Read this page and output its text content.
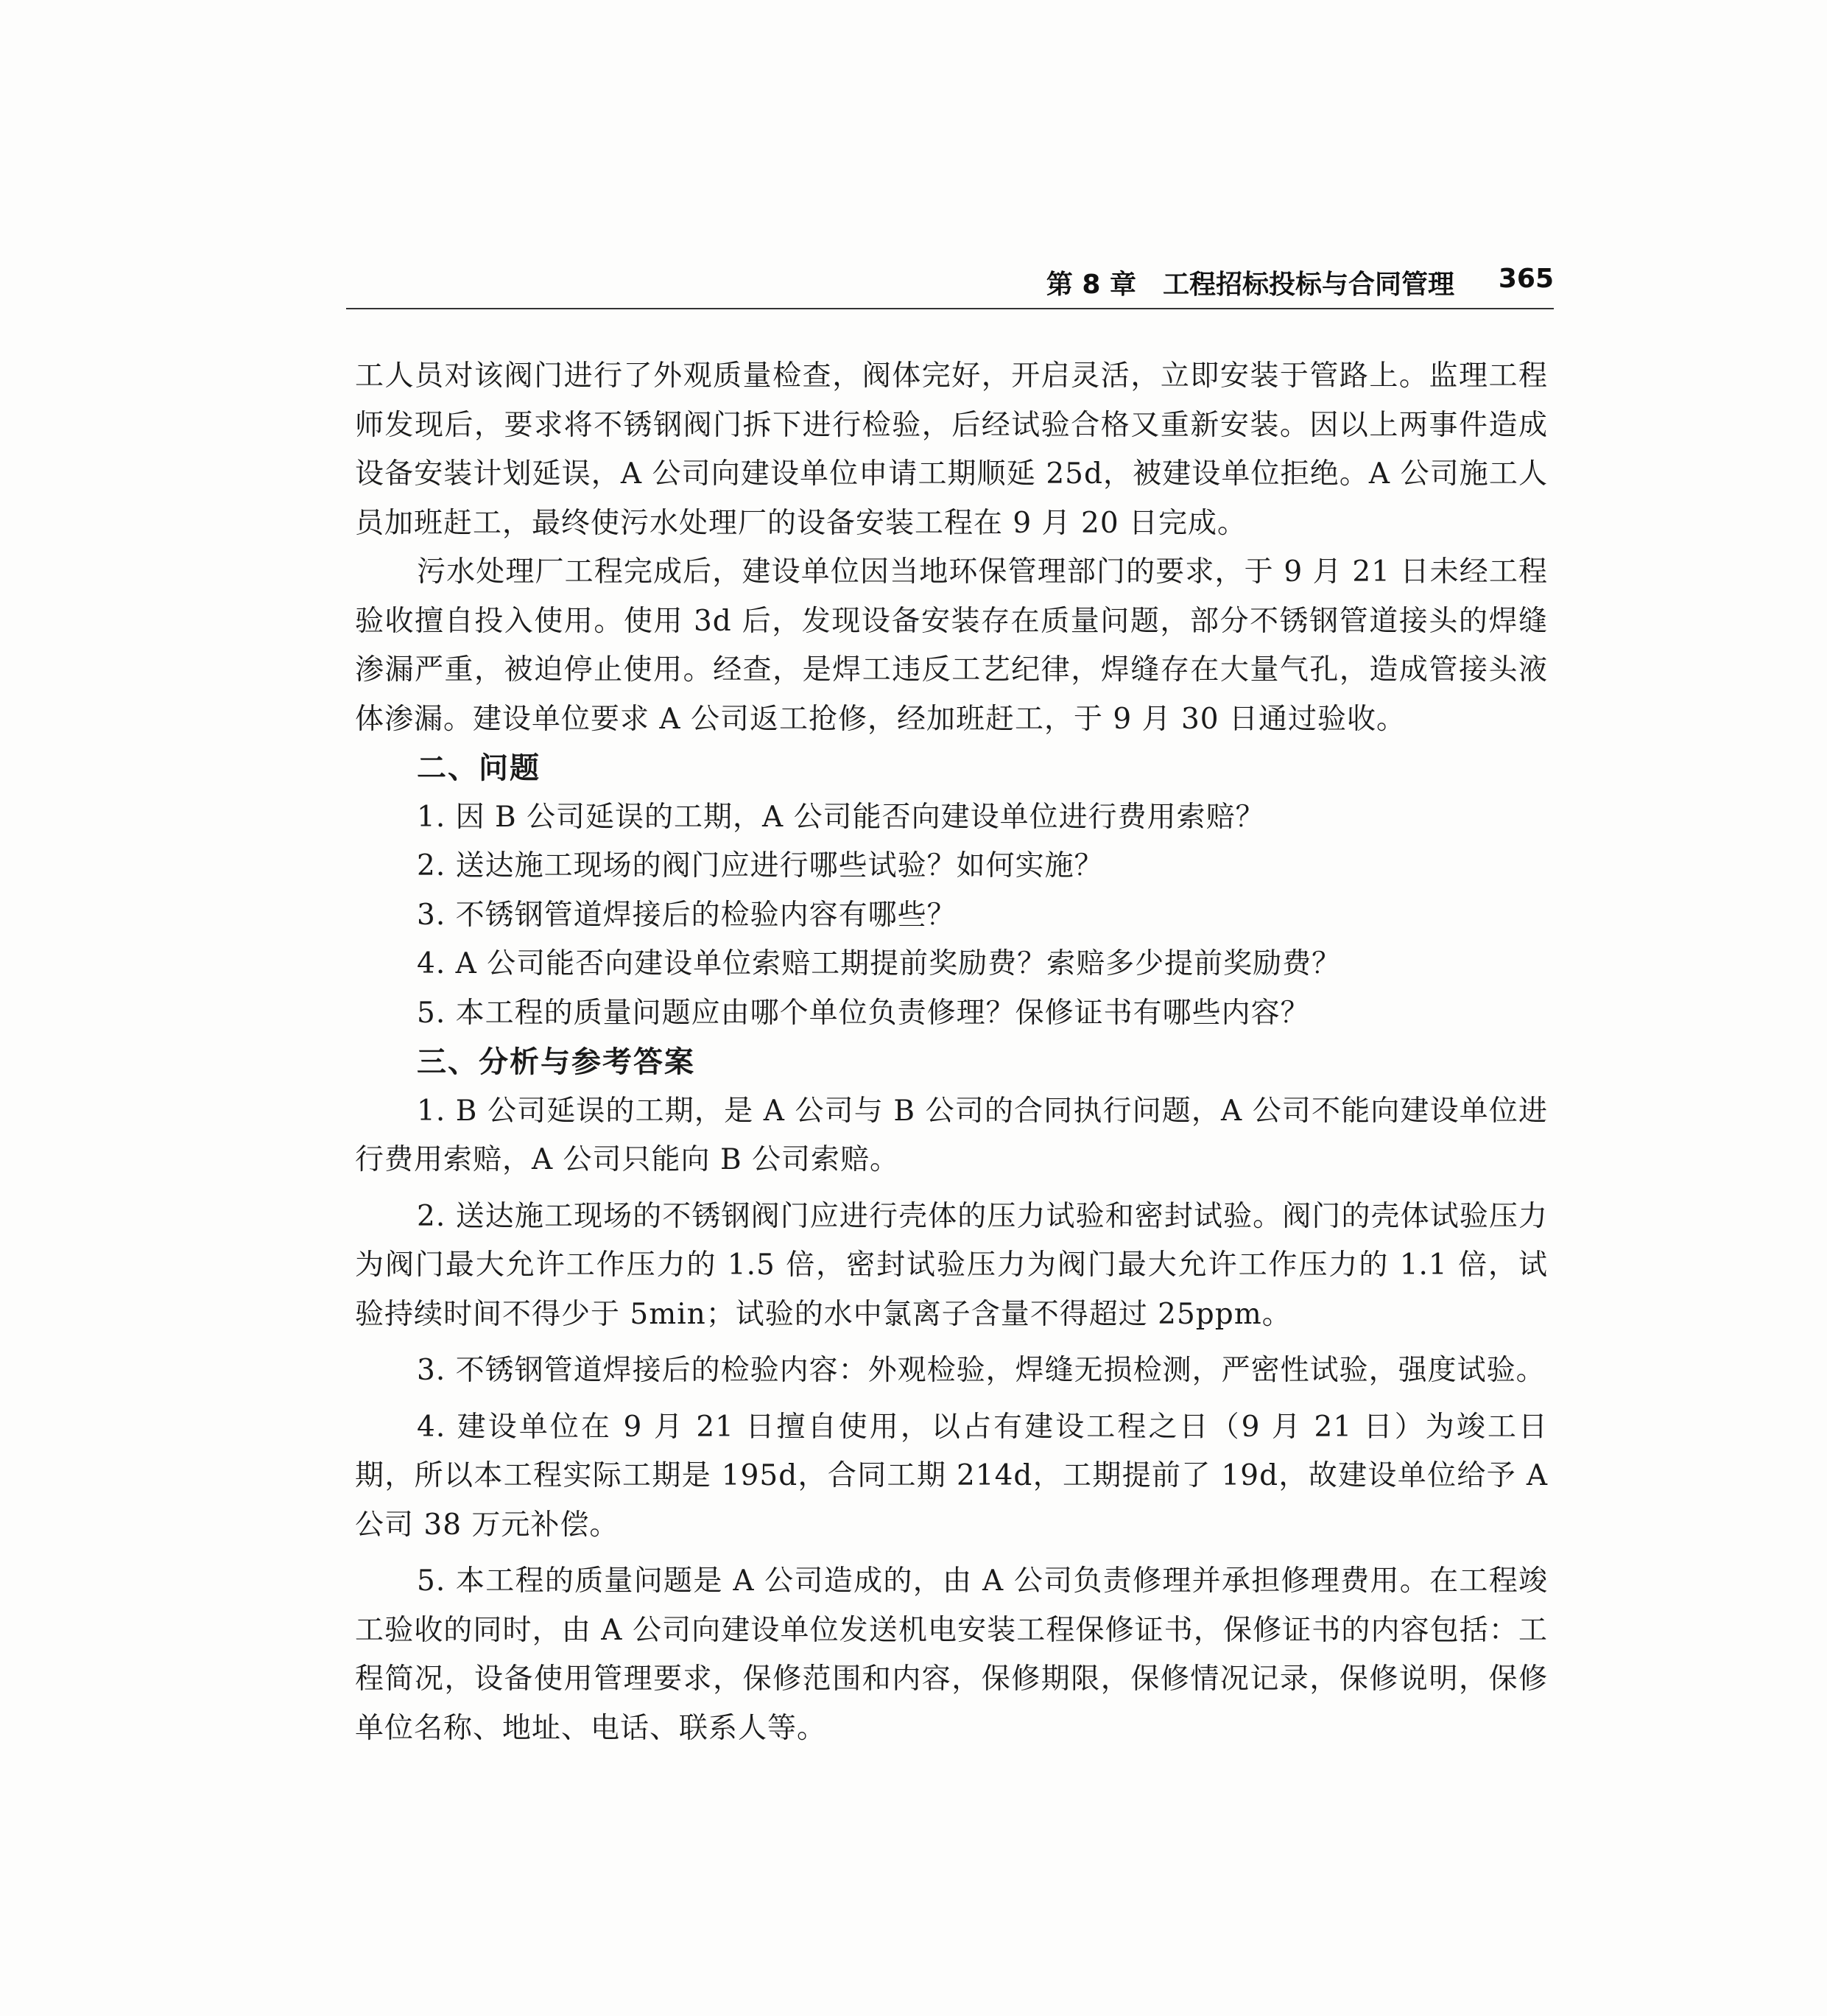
第 8 章　工程招标投标与合同管理 365

工人员对该阀门进行了外观质量检查，阀体完好，开启灵活，立即安装于管路上。监理工程师发现后，要求将不锈钢阀门拆下进行检验，后经试验合格又重新安装。因以上两事件造成设备安装计划延误，A 公司向建设单位申请工期顺延 25d，被建设单位拒绝。A 公司施工人员加班赶工，最终使污水处理厂的设备安装工程在 9 月 20 日完成。

污水处理厂工程完成后，建设单位因当地环保管理部门的要求，于 9 月 21 日未经工程验收擅自投入使用。使用 3d 后，发现设备安装存在质量问题，部分不锈钢管道接头的焊缝渗漏严重，被迫停止使用。经查，是焊工违反工艺纪律，焊缝存在大量气孔，造成管接头液体渗漏。建设单位要求 A 公司返工抢修，经加班赶工，于 9 月 30 日通过验收。

二、问题
1. 因 B 公司延误的工期，A 公司能否向建设单位进行费用索赔？
2. 送达施工现场的阀门应进行哪些试验？如何实施？
3. 不锈钢管道焊接后的检验内容有哪些？
4. A 公司能否向建设单位索赔工期提前奖励费？索赔多少提前奖励费？
5. 本工程的质量问题应由哪个单位负责修理？保修证书有哪些内容？
三、分析与参考答案

1. B 公司延误的工期，是 A 公司与 B 公司的合同执行问题，A 公司不能向建设单位进行费用索赔，A 公司只能向 B 公司索赔。

2. 送达施工现场的不锈钢阀门应进行壳体的压力试验和密封试验。阀门的壳体试验压力为阀门最大允许工作压力的 1.5 倍，密封试验压力为阀门最大允许工作压力的 1.1 倍，试验持续时间不得少于 5min；试验的水中氯离子含量不得超过 25ppm。

3. 不锈钢管道焊接后的检验内容：外观检验，焊缝无损检测，严密性试验，强度试验。

4. 建设单位在 9 月 21 日擅自使用，以占有建设工程之日（9 月 21 日）为竣工日期，所以本工程实际工期是 195d，合同工期 214d，工期提前了 19d，故建设单位给予 A 公司 38 万元补偿。

5. 本工程的质量问题是 A 公司造成的，由 A 公司负责修理并承担修理费用。在工程竣工验收的同时，由 A 公司向建设单位发送机电安装工程保修证书，保修证书的内容包括：工程简况，设备使用管理要求，保修范围和内容，保修期限，保修情况记录，保修说明，保修单位名称、地址、电话、联系人等。
